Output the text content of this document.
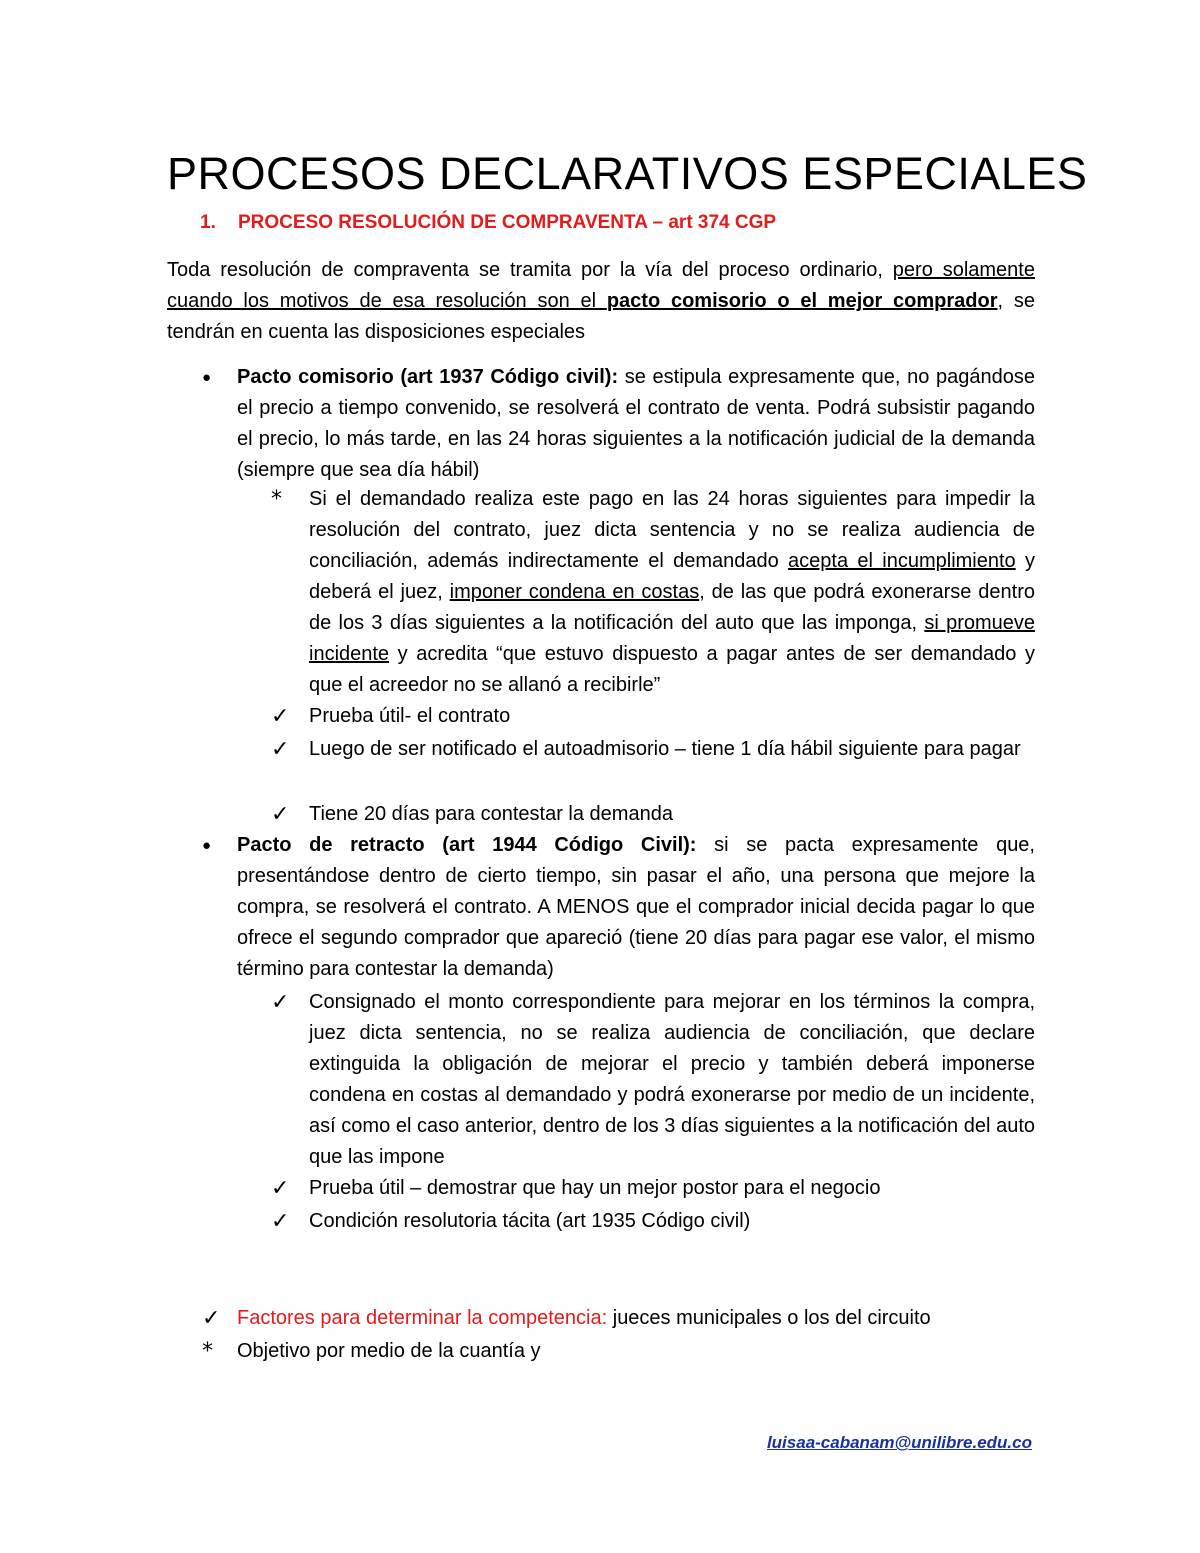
PROCESOS DECLARATIVOS ESPECIALES
1. PROCESO RESOLUCIÓN DE COMPRAVENTA – art 374 CGP
Toda resolución de compraventa se tramita por la vía del proceso ordinario, pero solamente cuando los motivos de esa resolución son el pacto comisorio o el mejor comprador, se tendrán en cuenta las disposiciones especiales
● Pacto comisorio (art 1937 Código civil): se estipula expresamente que, no pagándose el precio a tiempo convenido, se resolverá el contrato de venta. Podrá subsistir pagando el precio, lo más tarde, en las 24 horas siguientes a la notificación judicial de la demanda (siempre que sea día hábil)
* Si el demandado realiza este pago en las 24 horas siguientes para impedir la resolución del contrato, juez dicta sentencia y no se realiza audiencia de conciliación, además indirectamente el demandado acepta el incumplimiento y deberá el juez, imponer condena en costas, de las que podrá exonerarse dentro de los 3 días siguientes a la notificación del auto que las imponga, si promueve incidente y acredita “que estuvo dispuesto a pagar antes de ser demandado y que el acreedor no se allanó a recibirle”
✓ Prueba útil- el contrato
✓ Luego de ser notificado el autoadmisorio – tiene 1 día hábil siguiente para pagar
✓ Tiene 20 días para contestar la demanda
● Pacto de retracto (art 1944 Código Civil): si se pacta expresamente que, presentándose dentro de cierto tiempo, sin pasar el año, una persona que mejore la compra, se resolverá el contrato. A MENOS que el comprador inicial decida pagar lo que ofrece el segundo comprador que apareció (tiene 20 días para pagar ese valor, el mismo término para contestar la demanda)
✓ Consignado el monto correspondiente para mejorar en los términos la compra, juez dicta sentencia, no se realiza audiencia de conciliación, que declare extinguida la obligación de mejorar el precio y también deberá imponerse condena en costas al demandado y podrá exonerarse por medio de un incidente, así como el caso anterior, dentro de los 3 días siguientes a la notificación del auto que las impone
✓ Prueba útil – demostrar que hay un mejor postor para el negocio
✓ Condición resolutoria tácita (art 1935 Código civil)
✓ Factores para determinar la competencia: jueces municipales o los del circuito
* Objetivo por medio de la cuantía y
luisaa-cabanam@unilibre.edu.co
